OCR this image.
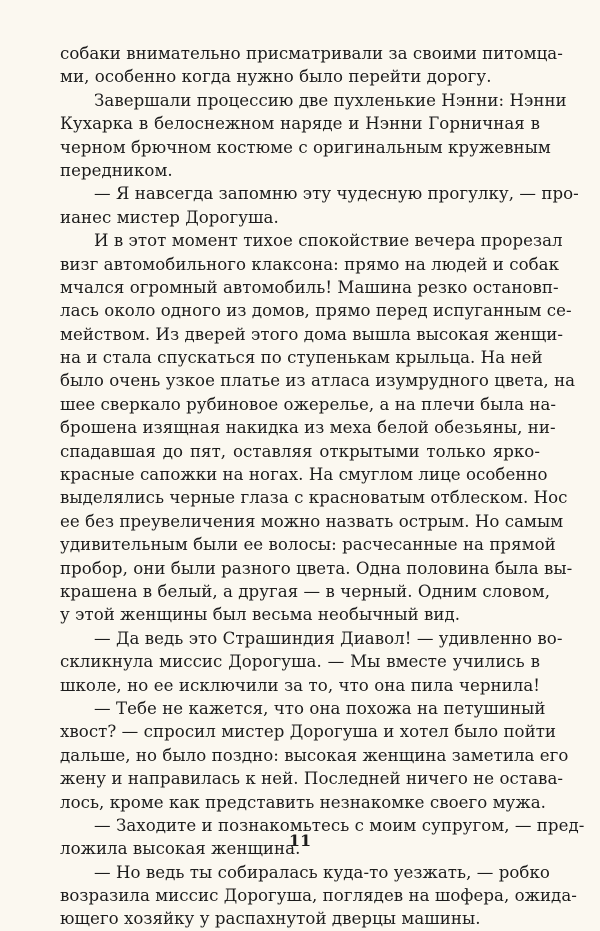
собаки внимательно присматривали за своими питомца-
ми, особенно когда нужно было перейти дорогу.
Завершали процессию две пухленькие Нэнни: Нэнни
Кухарка в белоснежном наряде и Нэнни Горничная в
черном брючном костюме с оригинальным кружевным
передником.
— Я навсегда запомню эту чудесную прогулку, — про-
ианес мистер Дорогуша.
И в этот момент тихое спокойствие вечера прорезал
визг автомобильного клаксона: прямо на людей и собак
мчался огромный автомобиль! Машина резко остановп-
лась около одного из домов, прямо перед испуганным се-
мейством. Из дверей этого дома вышла высокая женщи-
на и стала спускаться по ступенькам крыльца. На ней
было очень узкое платье из атласа изумрудного цвета, на
шее сверкало рубиновое ожерелье, а на плечи была на-
брошена изящная накидка из меха белой обезьяны, ни-
спадавшая до пят, оставляя открытыми только ярко-
красные сапожки на ногах. На смуглом лице особенно
выделялись черные глаза с красноватым отблеском. Нос
ее без преувеличения можно назвать острым. Но самым
удивительным были ее волосы: расчесанные на прямой
пробор, они были разного цвета. Одна половина была вы-
крашена в белый, а другая — в черный. Одним словом,
у этой женщины был весьма необычный вид.
— Да ведь это Страшиндия Диавол! — удивленно во-
скликнула миссис Дорогуша. — Мы вместе учились в
школе, но ее исключили за то, что она пила чернила!
— Тебе не кажется, что она похожа на петушиный
хвост? — спросил мистер Дорогуша и хотел было пойти
дальше, но было поздно: высокая женщина заметила его
жену и направилась к ней. Последней ничего не остава-
лось, кроме как представить незнакомке своего мужа.
— Заходите и познакомьтесь с моим супругом, — пред-
ложила высокая женщина.
— Но ведь ты собиралась куда-то уезжать, — робко
возразила миссис Дорогуша, поглядев на шофера, ожида-
ющего хозяйку у распахнутой дверцы машины.
11
